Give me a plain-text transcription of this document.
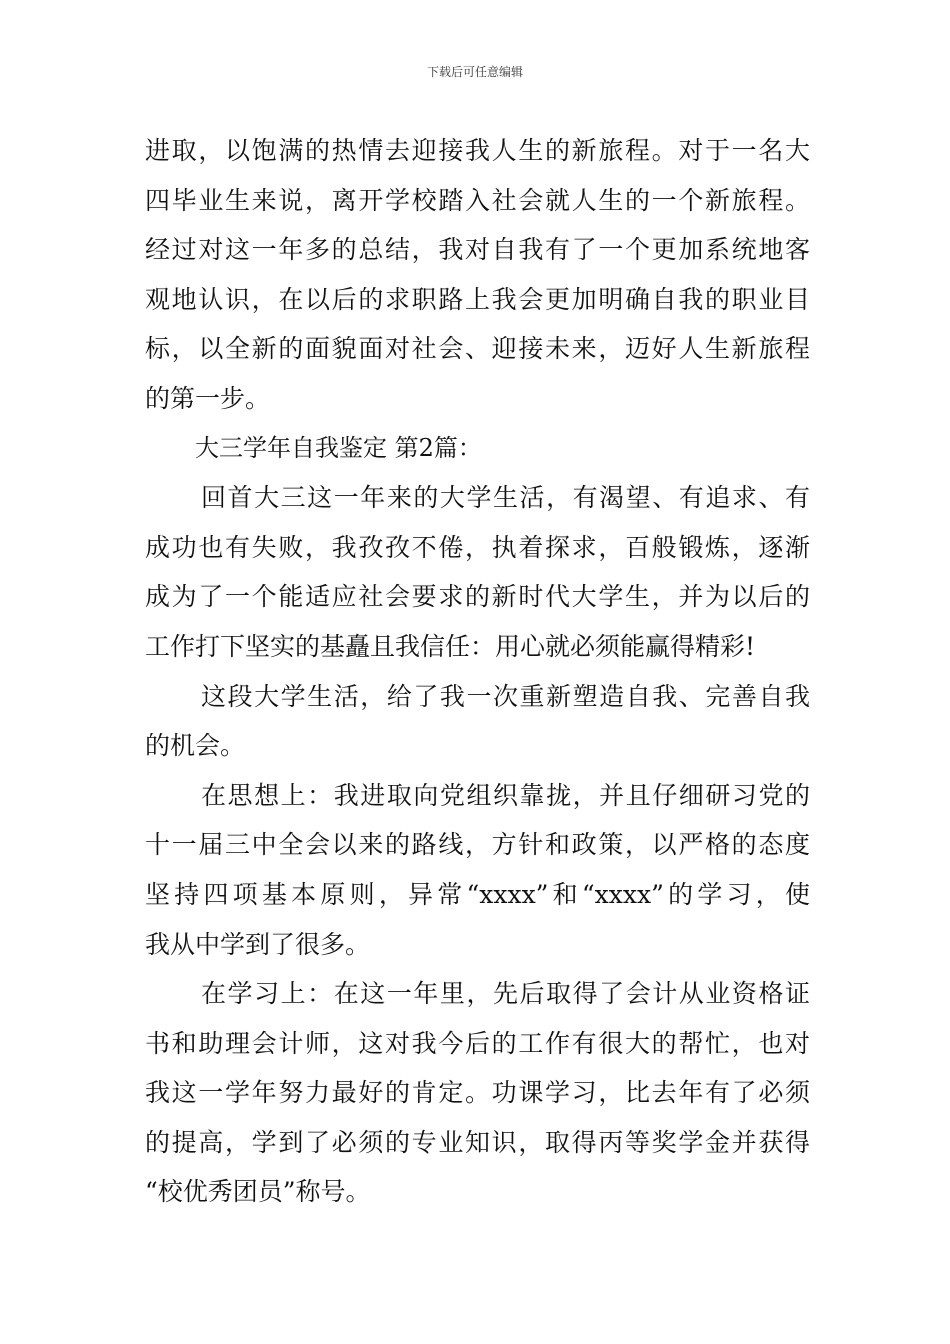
下载后可任意编辑
进取，以饱满的热情去迎接我人生的新旅程。对于一名大
四毕业生来说，离开学校踏入社会就人生的一个新旅程。
经过对这一年多的总结，我对自我有了一个更加系统地客
观地认识，在以后的求职路上我会更加明确自我的职业目
标，以全新的面貌面对社会、迎接未来，迈好人生新旅程
的第一步。
大三学年自我鉴定 第2篇：
回首大三这一年来的大学生活，有渴望、有追求、有
成功也有失败，我孜孜不倦，执着探求，百般锻炼，逐渐
成为了一个能适应社会要求的新时代大学生，并为以后的
工作打下坚实的基矗且我信任：用心就必须能赢得精彩!
这段大学生活，给了我一次重新塑造自我、完善自我
的机会。
在思想上：我进取向党组织靠拢，并且仔细研习党的
十一届三中全会以来的路线，方针和政策，以严格的态度
坚持四项基本原则，异常“xxxx”和“xxxx”的学习，使
我从中学到了很多。
在学习上：在这一年里，先后取得了会计从业资格证
书和助理会计师，这对我今后的工作有很大的帮忙，也对
我这一学年努力最好的肯定。功课学习，比去年有了必须
的提高，学到了必须的专业知识，取得丙等奖学金并获得
“校优秀团员”称号。
